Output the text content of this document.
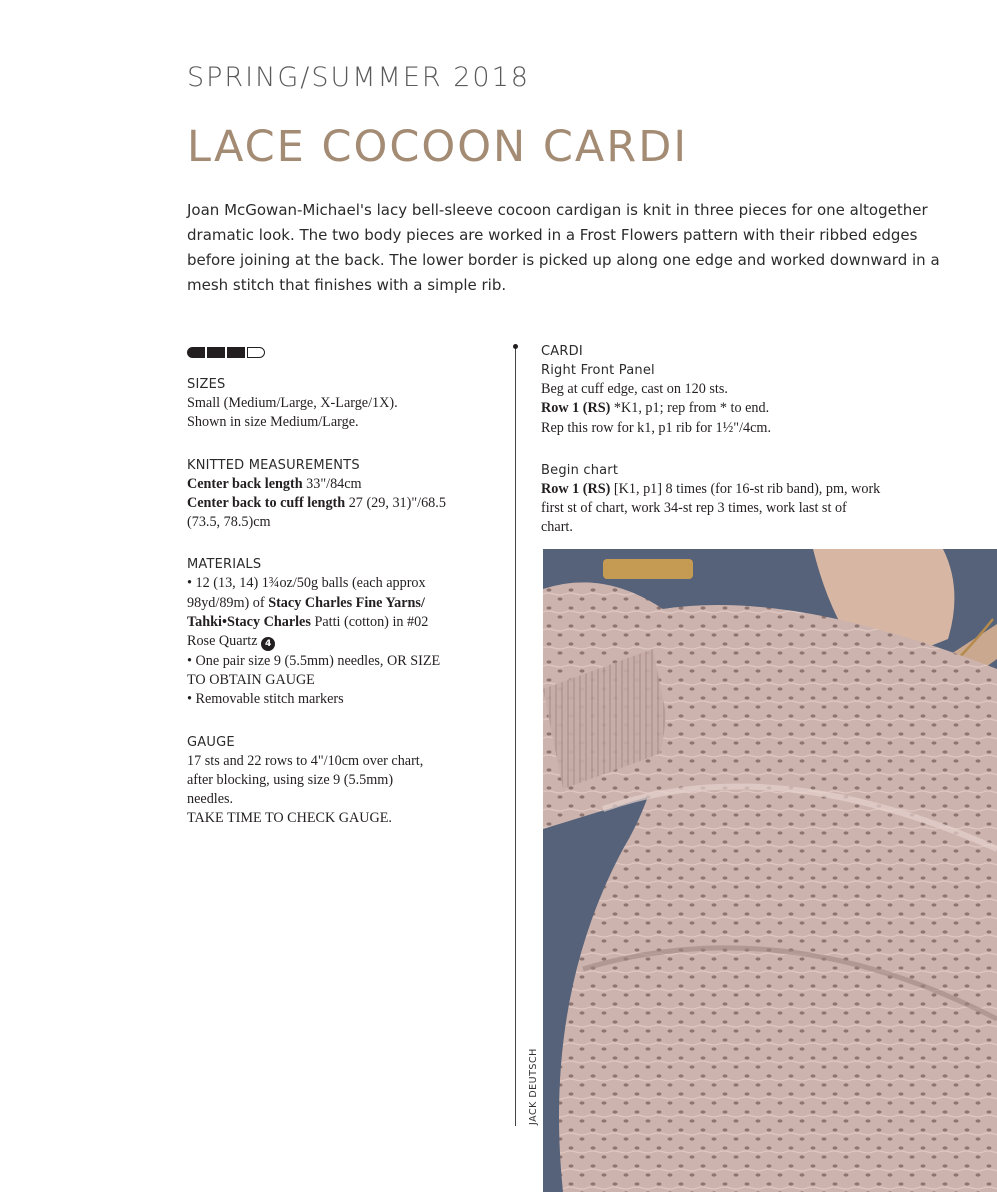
SPRING/SUMMER 2018
LACE COCOON CARDI

Joan McGowan-Michael's lacy bell-sleeve cocoon cardigan is knit in three pieces for one altogether dramatic look. The two body pieces are worked in a Frost Flowers pattern with their ribbed edges before joining at the back. The lower border is picked up along one edge and worked downward in a mesh stitch that finishes with a simple rib.

SIZES
Small (Medium/Large, X-Large/1X).
Shown in size Medium/Large.
KNITTED MEASUREMENTS
Center back length 33"/84cm
Center back to cuff length 27 (29, 31)"/68.5
(73.5, 78.5)cm
MATERIALS
• 12 (13, 14) 1¾oz/50g balls (each approx
98yd/89m) of Stacy Charles Fine Yarns/
Tahki•Stacy Charles Patti (cotton) in #02
Rose Quartz 4
• One pair size 9 (5.5mm) needles, OR SIZE
TO OBTAIN GAUGE
• Removable stitch markers
GAUGE
17 sts and 22 rows to 4"/10cm over chart,
after blocking, using size 9 (5.5mm)
needles.
TAKE TIME TO CHECK GAUGE.
CARDI
Right Front Panel
Beg at cuff edge, cast on 120 sts.
Row 1 (RS) *K1, p1; rep from * to end.
Rep this row for k1, p1 rib for 1½"/4cm.
Begin chart
Row 1 (RS) [K1, p1] 8 times (for 16-st rib band), pm, work
first st of chart, work 34-st rep 3 times, work last st of
chart.
JACK DEUTSCH
